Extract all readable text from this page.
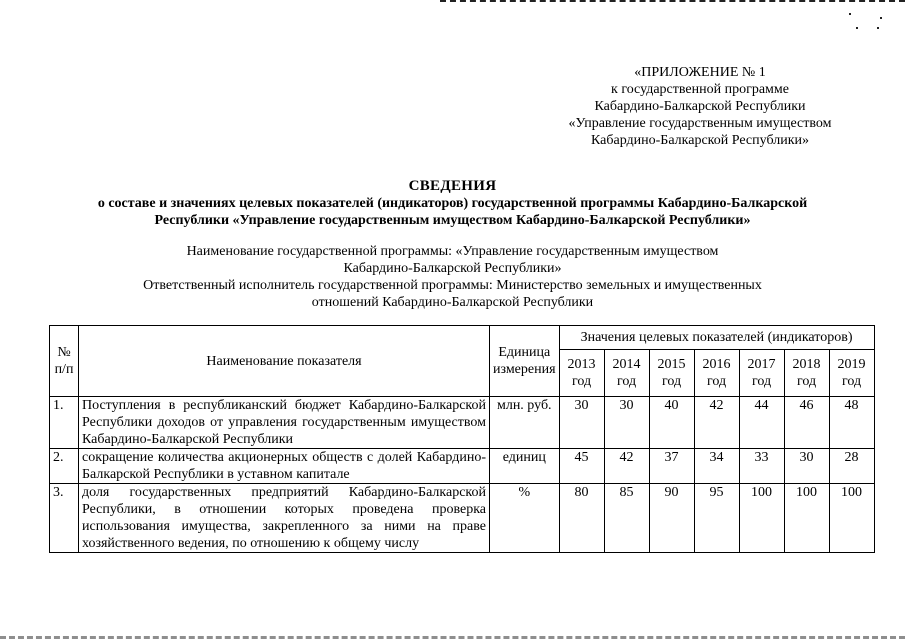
«ПРИЛОЖЕНИЕ № 1
к государственной программе
Кабардино-Балкарской Республики
«Управление государственным имуществом
Кабардино-Балкарской Республики»
СВЕДЕНИЯ
о составе и значениях целевых показателей (индикаторов) государственной программы Кабардино-Балкарской
Республики «Управление государственным имуществом Кабардино-Балкарской Республики»
Наименование государственной программы: «Управление государственным имуществом
Кабардино-Балкарской Республики»
Ответственный исполнитель государственной программы: Министерство земельных и имущественных
отношений Кабардино-Балкарской Республики
№ п/п	Наименование показателя	Единица измерения	Значения целевых показателей (индикаторов)						
			2013 год	2014 год	2015 год	2016 год	2017 год	2018 год	2019 год
1.	Поступления в республиканский бюджет Кабардино-Балкарской Республики доходов от управления государственным имуществом Кабардино-Балкарской Республики	млн. руб.	30	30	40	42	44	46	48
2.	сокращение количества акционерных обществ с долей Кабардино-Балкарской Республики в уставном капитале	единиц	45	42	37	34	33	30	28
3.	доля государственных предприятий Кабардино-Балкарской Республики, в отношении которых проведена проверка использования имущества, закрепленного за ними на праве хозяйственного ведения, по отношению к общему числу	%	80	85	90	95	100	100	100
